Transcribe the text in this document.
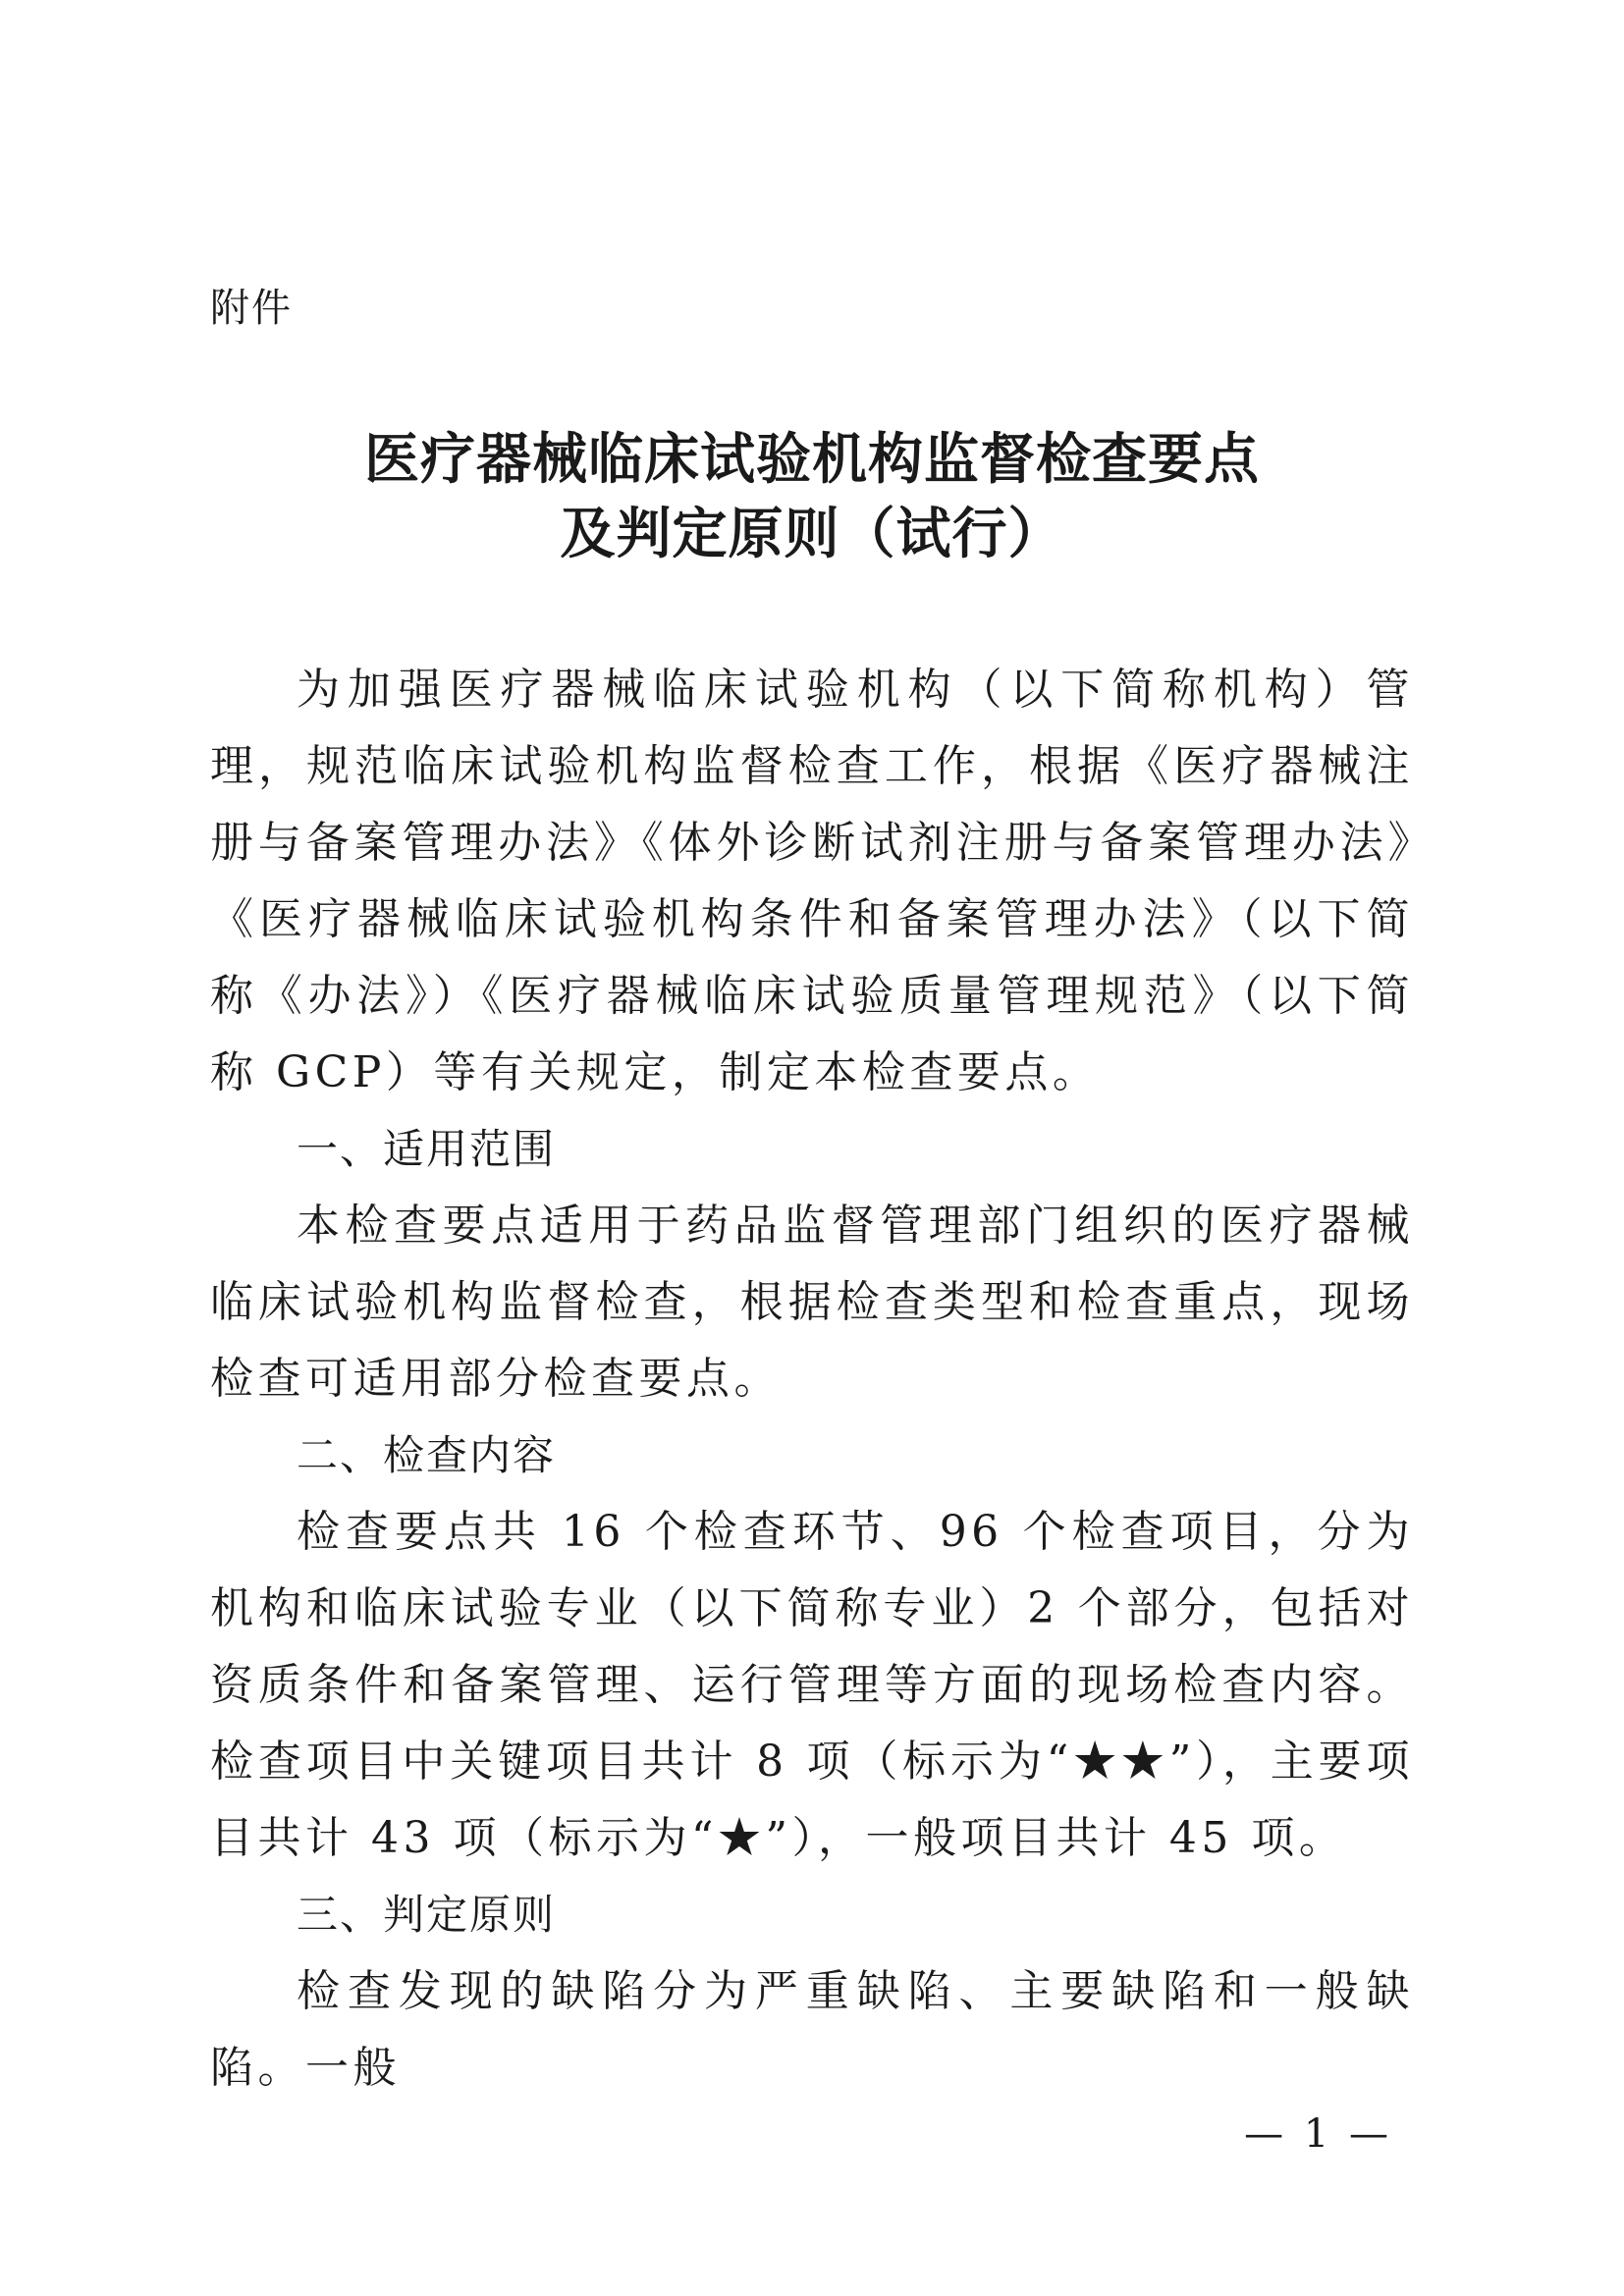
附件
医疗器械临床试验机构监督检查要点
及判定原则（试行）

为加强医疗器械临床试验机构（以下简称机构）管理，规范临床试验机构监督检查工作，根据《医疗器械注册与备案管理办法》《体外诊断试剂注册与备案管理办法》《医疗器械临床试验机构条件和备案管理办法》（以下简称《办法》）《医疗器械临床试验质量管理规范》（以下简称 GCP）等有关规定，制定本检查要点。

一、适用范围

本检查要点适用于药品监督管理部门组织的医疗器械临床试验机构监督检查，根据检查类型和检查重点，现场检查可适用部分检查要点。

二、检查内容

检查要点共 16 个检查环节、96 个检查项目，分为机构和临床试验专业（以下简称专业）2 个部分，包括对资质条件和备案管理、运行管理等方面的现场检查内容。检查项目中关键项目共计 8 项（标示为“★★”），主要项目共计 43 项（标示为“★”），一般项目共计 45 项。

三、判定原则

检查发现的缺陷分为严重缺陷、主要缺陷和一般缺陷。一般

— 1 —
